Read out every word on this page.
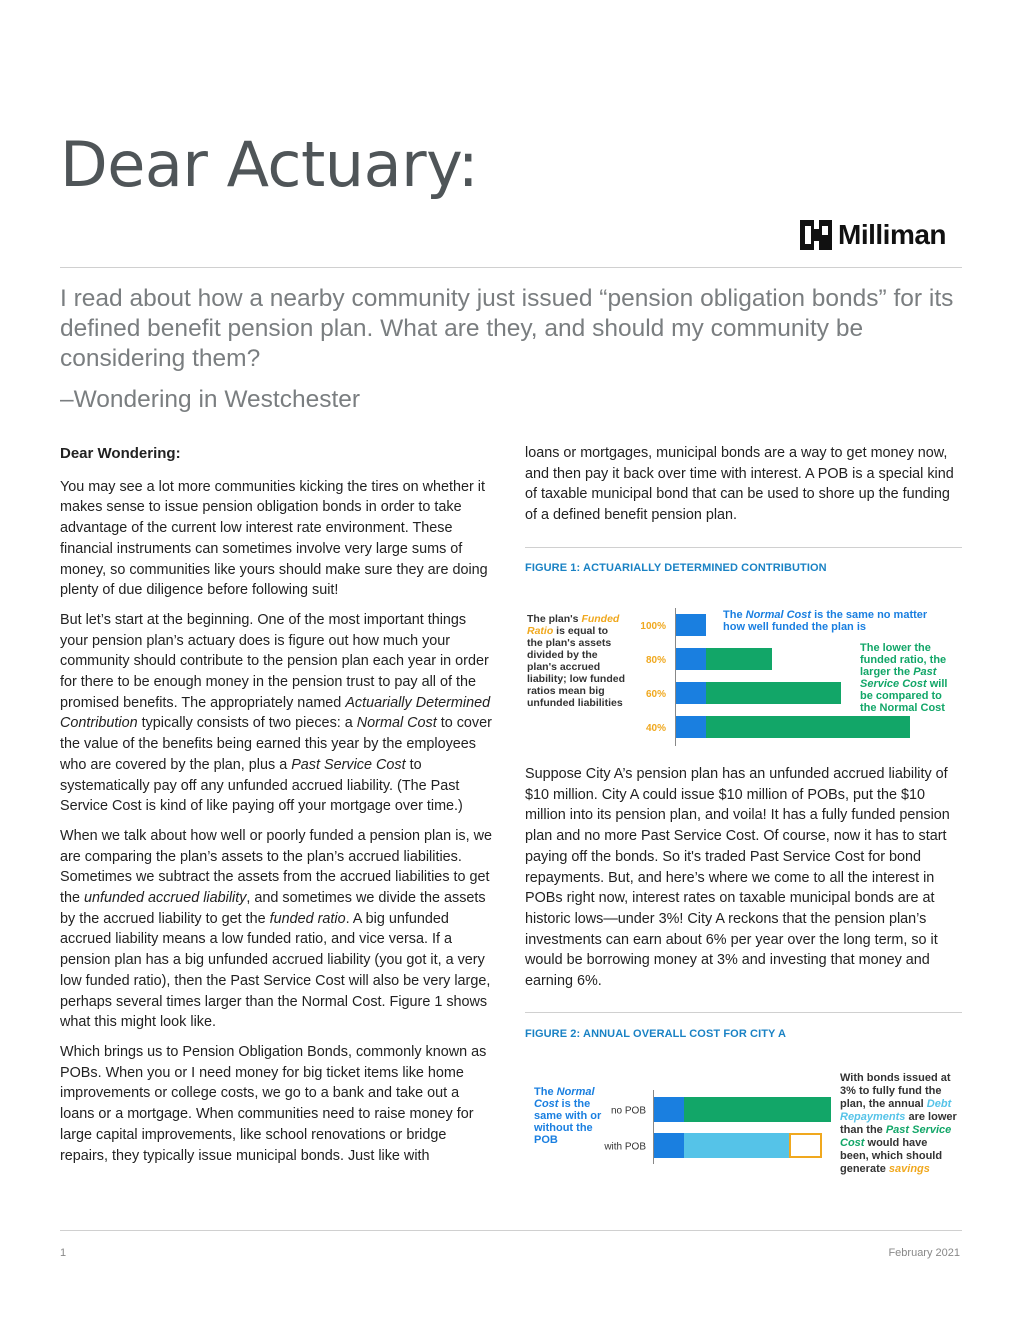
Dear Actuary:
Milliman
I read about how a nearby community just issued “pension obligation bonds” for its defined benefit pension plan. What are they, and should my community be considering them?
–Wondering in Westchester

Dear Wondering:

You may see a lot more communities kicking the tires on whether it makes sense to issue pension obligation bonds in order to take advantage of the current low interest rate environment. These financial instruments can sometimes involve very large sums of money, so communities like yours should make sure they are doing plenty of due diligence before following suit!

But let’s start at the beginning. One of the most important things your pension plan’s actuary does is figure out how much your community should contribute to the pension plan each year in order for there to be enough money in the pension trust to pay all of the promised benefits. The appropriately named Actuarially Determined Contribution typically consists of two pieces: a Normal Cost to cover the value of the benefits being earned this year by the employees who are covered by the plan, plus a Past Service Cost to systematically pay off any unfunded accrued liability. (The Past Service Cost is kind of like paying off your mortgage over time.)

When we talk about how well or poorly funded a pension plan is, we are comparing the plan’s assets to the plan’s accrued liabilities. Sometimes we subtract the assets from the accrued liabilities to get the unfunded accrued liability, and sometimes we divide the assets by the accrued liability to get the funded ratio. A big unfunded accrued liability means a low funded ratio, and vice versa. If a pension plan has a big unfunded accrued liability (you got it, a very low funded ratio), then the Past Service Cost will also be very large, perhaps several times larger than the Normal Cost. Figure 1 shows what this might look like.

Which brings us to Pension Obligation Bonds, commonly known as POBs. When you or I need money for big ticket items like home improvements or college costs, we go to a bank and take out a loans or a mortgage. When communities need to raise money for large capital improvements, like school renovations or bridge repairs, they typically issue municipal bonds. Just like with

loans or mortgages, municipal bonds are a way to get money now, and then pay it back over time with interest. A POB is a special kind of taxable municipal bond that can be used to shore up the funding of a defined benefit pension plan.

FIGURE 1: ACTUARIALLY DETERMINED CONTRIBUTION
The plan's Funded
Ratio is equal to
the plan's assets
divided by the
plan's accrued
liability; low funded
ratios mean big
unfunded liabilities
100%
80%
60%
40%
The Normal Cost is the same no matter
how well funded the plan is
The lower the
funded ratio, the
larger the Past
Service Cost will
be compared to
the Normal Cost

Suppose City A’s pension plan has an unfunded accrued liability of $10 million. City A could issue $10 million of POBs, put the $10 million into its pension plan, and voila! It has a fully funded pension plan and no more Past Service Cost. Of course, now it has to start paying off the bonds. So it's traded Past Service Cost for bond repayments. But, and here’s where we come to all the interest in POBs right now, interest rates on taxable municipal bonds are at historic lows—under 3%! City A reckons that the pension plan’s investments can earn about 6% per year over the long term, so it would be borrowing money at 3% and investing that money and earning 6%.

FIGURE 2: ANNUAL OVERALL COST FOR CITY A
The Normal
Cost is the
same with or
without the
POB
no POB
with POB
With bonds issued at
3% to fully fund the
plan, the annual Debt
Repayments are lower
than the Past Service
Cost would have
been, which should
generate savings
1	February 2021
